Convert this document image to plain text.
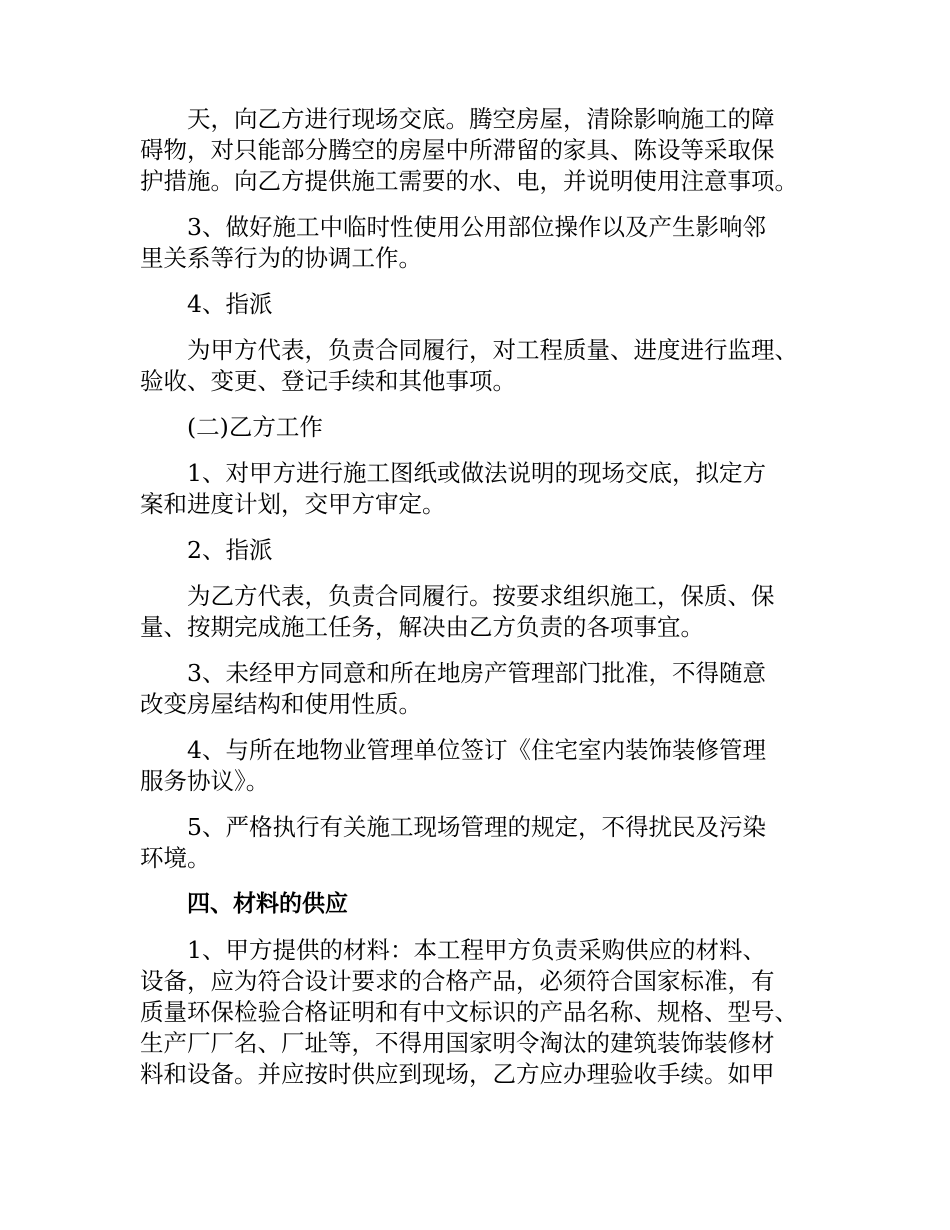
天，向乙方进行现场交底。腾空房屋，清除影响施工的障
碍物，对只能部分腾空的房屋中所滞留的家具、陈设等采取保
护措施。向乙方提供施工需要的水、电，并说明使用注意事项。

3、做好施工中临时性使用公用部位操作以及产生影响邻
里关系等行为的协调工作。

4、指派

为甲方代表，负责合同履行，对工程质量、进度进行监理、
验收、变更、登记手续和其他事项。

(二)乙方工作

1、对甲方进行施工图纸或做法说明的现场交底，拟定方
案和进度计划，交甲方审定。

2、指派

为乙方代表，负责合同履行。按要求组织施工，保质、保
量、按期完成施工任务，解决由乙方负责的各项事宜。

3、未经甲方同意和所在地房产管理部门批准，不得随意
改变房屋结构和使用性质。

4、与所在地物业管理单位签订《住宅室内装饰装修管理
服务协议》。

5、严格执行有关施工现场管理的规定，不得扰民及污染
环境。

四、材料的供应

1、甲方提供的材料：本工程甲方负责采购供应的材料、
设备，应为符合设计要求的合格产品，必须符合国家标准，有
质量环保检验合格证明和有中文标识的产品名称、规格、型号、
生产厂厂名、厂址等，不得用国家明令淘汰的建筑装饰装修材
料和设备。并应按时供应到现场，乙方应办理验收手续。如甲
